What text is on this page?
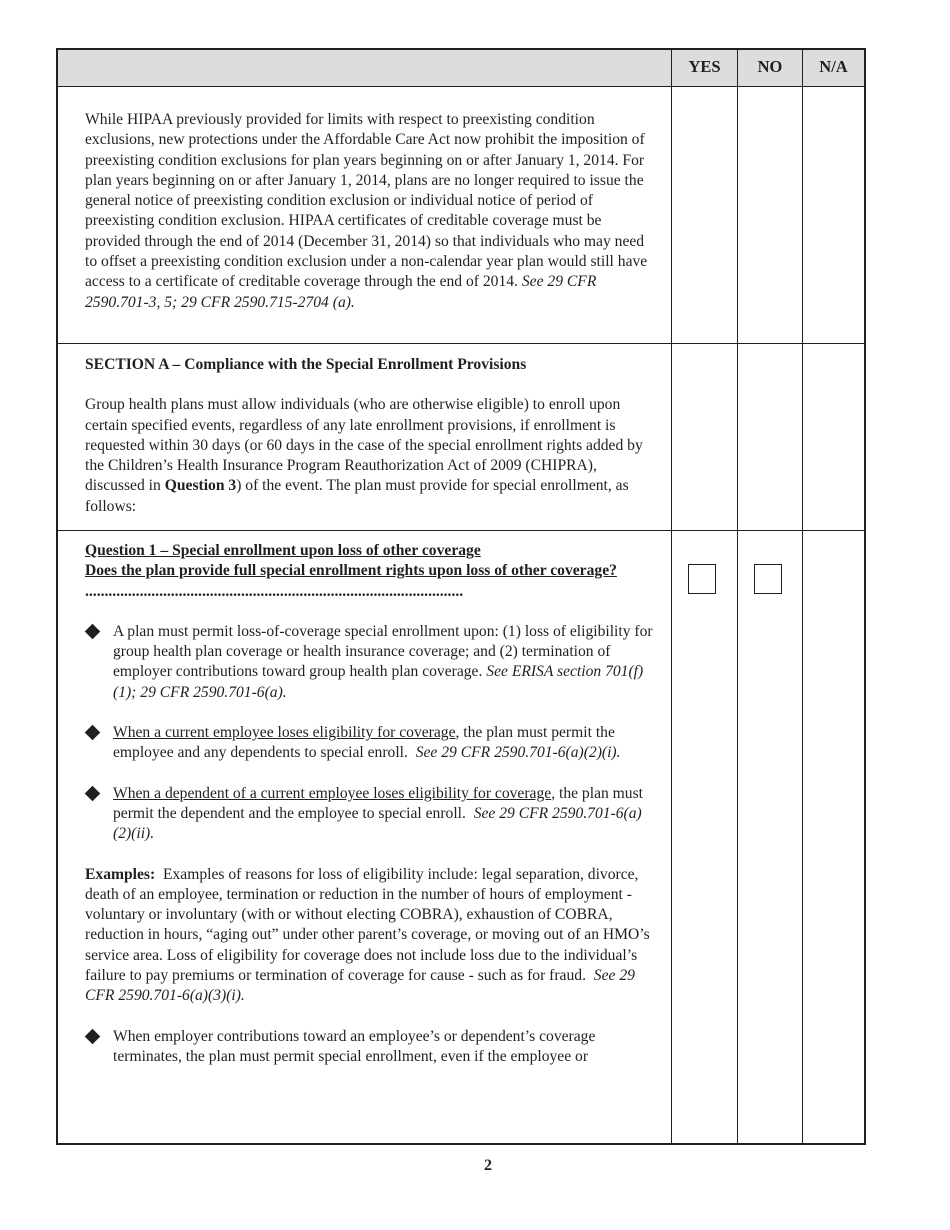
YES	NO	N/A

While HIPAA previously provided for limits with respect to preexisting condition exclusions, new protections under the Affordable Care Act now prohibit the imposition of preexisting condition exclusions for plan years beginning on or after January 1, 2014. For plan years beginning on or after January 1, 2014, plans are no longer required to issue the general notice of preexisting condition exclusion or individual notice of period of preexisting condition exclusion. HIPAA certificates of creditable coverage must be provided through the end of 2014 (December 31, 2014) so that individuals who may need to offset a preexisting condition exclusion under a non-calendar year plan would still have access to a certificate of creditable coverage through the end of 2014. See 29 CFR 2590.701-3, 5; 29 CFR 2590.715-2704 (a).

SECTION A – Compliance with the Special Enrollment Provisions

Group health plans must allow individuals (who are otherwise eligible) to enroll upon certain specified events, regardless of any late enrollment provisions, if enrollment is requested within 30 days (or 60 days in the case of the special enrollment rights added by the Children’s Health Insurance Program Reauthorization Act of 2009 (CHIPRA), discussed in Question 3) of the event. The plan must provide for special enrollment, as follows:

Question 1 – Special enrollment upon loss of other coverage

Does the plan provide full special enrollment rights upon loss of other coverage? .................................................................................................

A plan must permit loss-of-coverage special enrollment upon: (1) loss of eligibility for group health plan coverage or health insurance coverage; and (2) termination of employer contributions toward group health plan coverage. See ERISA section 701(f)(1); 29 CFR 2590.701-6(a).
When a current employee loses eligibility for coverage, the plan must permit the employee and any dependents to special enroll. See 29 CFR 2590.701-6(a)(2)(i).
When a dependent of a current employee loses eligibility for coverage, the plan must permit the dependent and the employee to special enroll. See 29 CFR 2590.701-6(a)(2)(ii).

Examples: Examples of reasons for loss of eligibility include: legal separation, divorce, death of an employee, termination or reduction in the number of hours of employment - voluntary or involuntary (with or without electing COBRA), exhaustion of COBRA, reduction in hours, “aging out” under other parent’s coverage, or moving out of an HMO’s service area. Loss of eligibility for coverage does not include loss due to the individual’s failure to pay premiums or termination of coverage for cause - such as for fraud. See 29 CFR 2590.701-6(a)(3)(i).

When employer contributions toward an employee’s or dependent’s coverage terminates, the plan must permit special enrollment, even if the employee or
2
